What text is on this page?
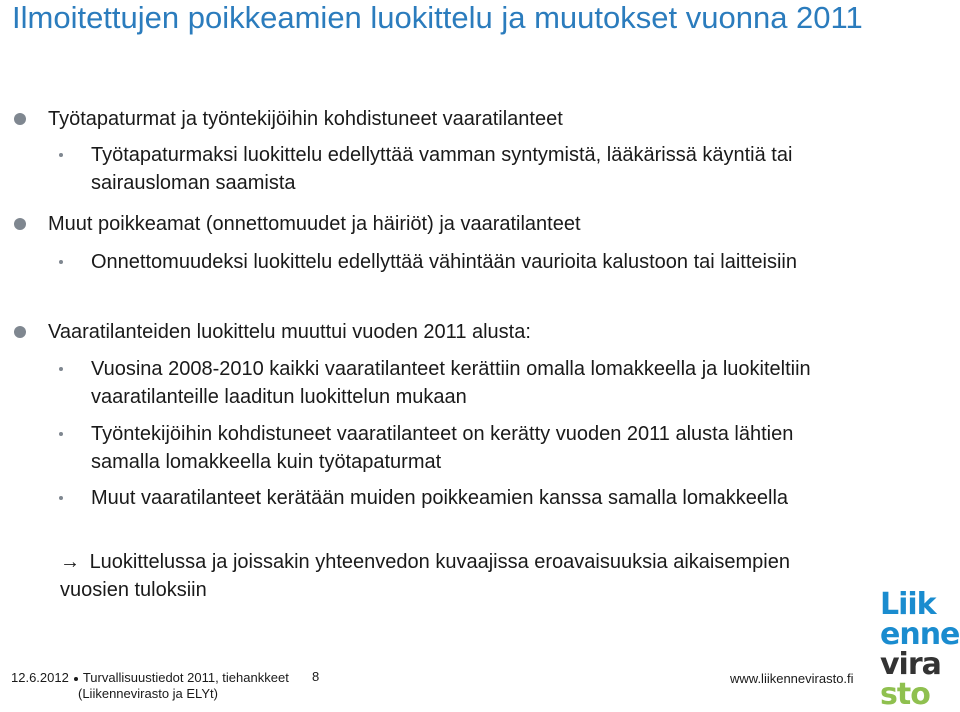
Ilmoitettujen poikkeamien luokittelu ja muutokset vuonna 2011
Työtapaturmat ja työntekijöihin kohdistuneet vaaratilanteet
Työtapaturmaksi luokittelu edellyttää vamman syntymistä, lääkärissä käyntiä tai sairausloman saamista
Muut poikkeamat (onnettomuudet ja häiriöt) ja vaaratilanteet
Onnettomuudeksi luokittelu edellyttää vähintään vaurioita kalustoon tai laitteisiin
Vaaratilanteiden luokittelu muuttui vuoden 2011 alusta:
Vuosina 2008-2010 kaikki vaaratilanteet kerättiin omalla lomakkeella ja luokiteltiin vaaratilanteille laaditun luokittelun mukaan
Työntekijöihin kohdistuneet vaaratilanteet on kerätty vuoden 2011 alusta lähtien samalla lomakkeella kuin työtapaturmat
Muut vaaratilanteet kerätään muiden poikkeamien kanssa samalla lomakkeella
→ Luokittelussa ja joissakin yhteenvedon kuvaajissa eroavaisuuksia aikaisempien vuosien tuloksiin
12.6.2012 Turvallisuustiedot 2011, tiehankkeet
(Liikennevirasto ja ELYt)
8	www.liikennevirasto.fi
Liik
enne
vira
sto
